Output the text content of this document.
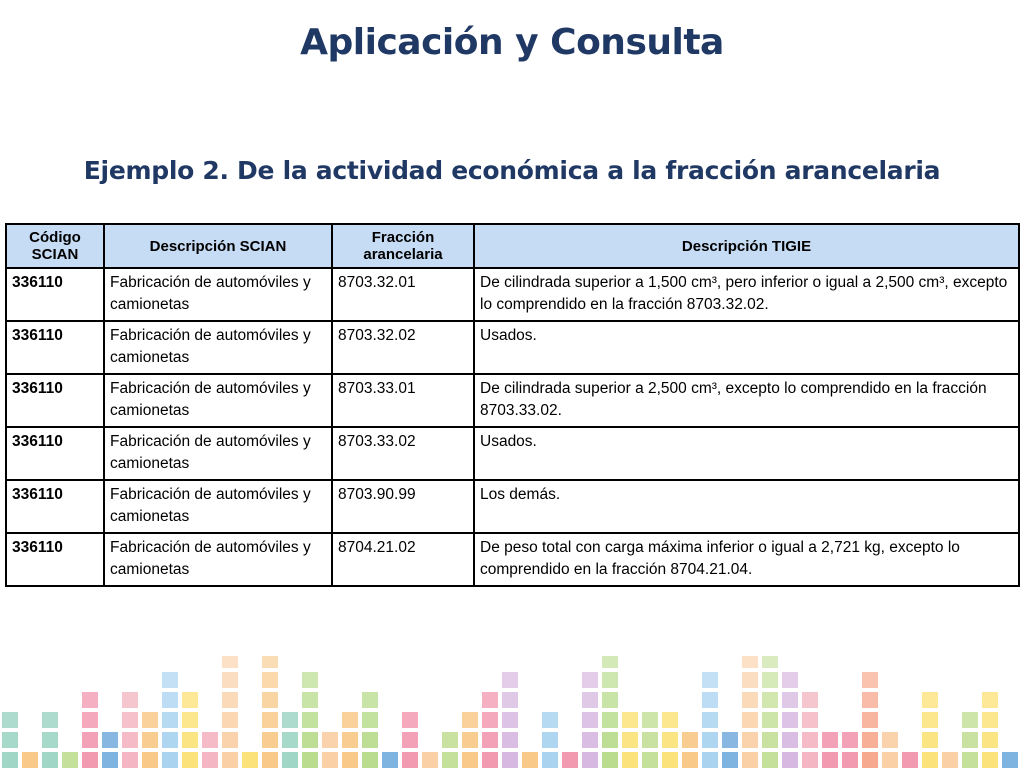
Aplicación y Consulta
Ejemplo 2. De la actividad económica a la fracción arancelaria
Código SCIAN	Descripción SCIAN	Fracción arancelaria	Descripción TIGIE
336110	Fabricación de automóviles y camionetas	8703.32.01	De cilindrada superior a 1,500 cm³, pero inferior o igual a 2,500 cm³, excepto lo comprendido en la fracción 8703.32.02.
336110	Fabricación de automóviles y camionetas	8703.32.02	Usados.
336110	Fabricación de automóviles y camionetas	8703.33.01	De cilindrada superior a 2,500 cm³, excepto lo comprendido en la fracción 8703.33.02.
336110	Fabricación de automóviles y camionetas	8703.33.02	Usados.
336110	Fabricación de automóviles y camionetas	8703.90.99	Los demás.
336110	Fabricación de automóviles y camionetas	8704.21.02	De peso total con carga máxima inferior o igual a 2,721 kg, excepto lo comprendido en la fracción 8704.21.04.
